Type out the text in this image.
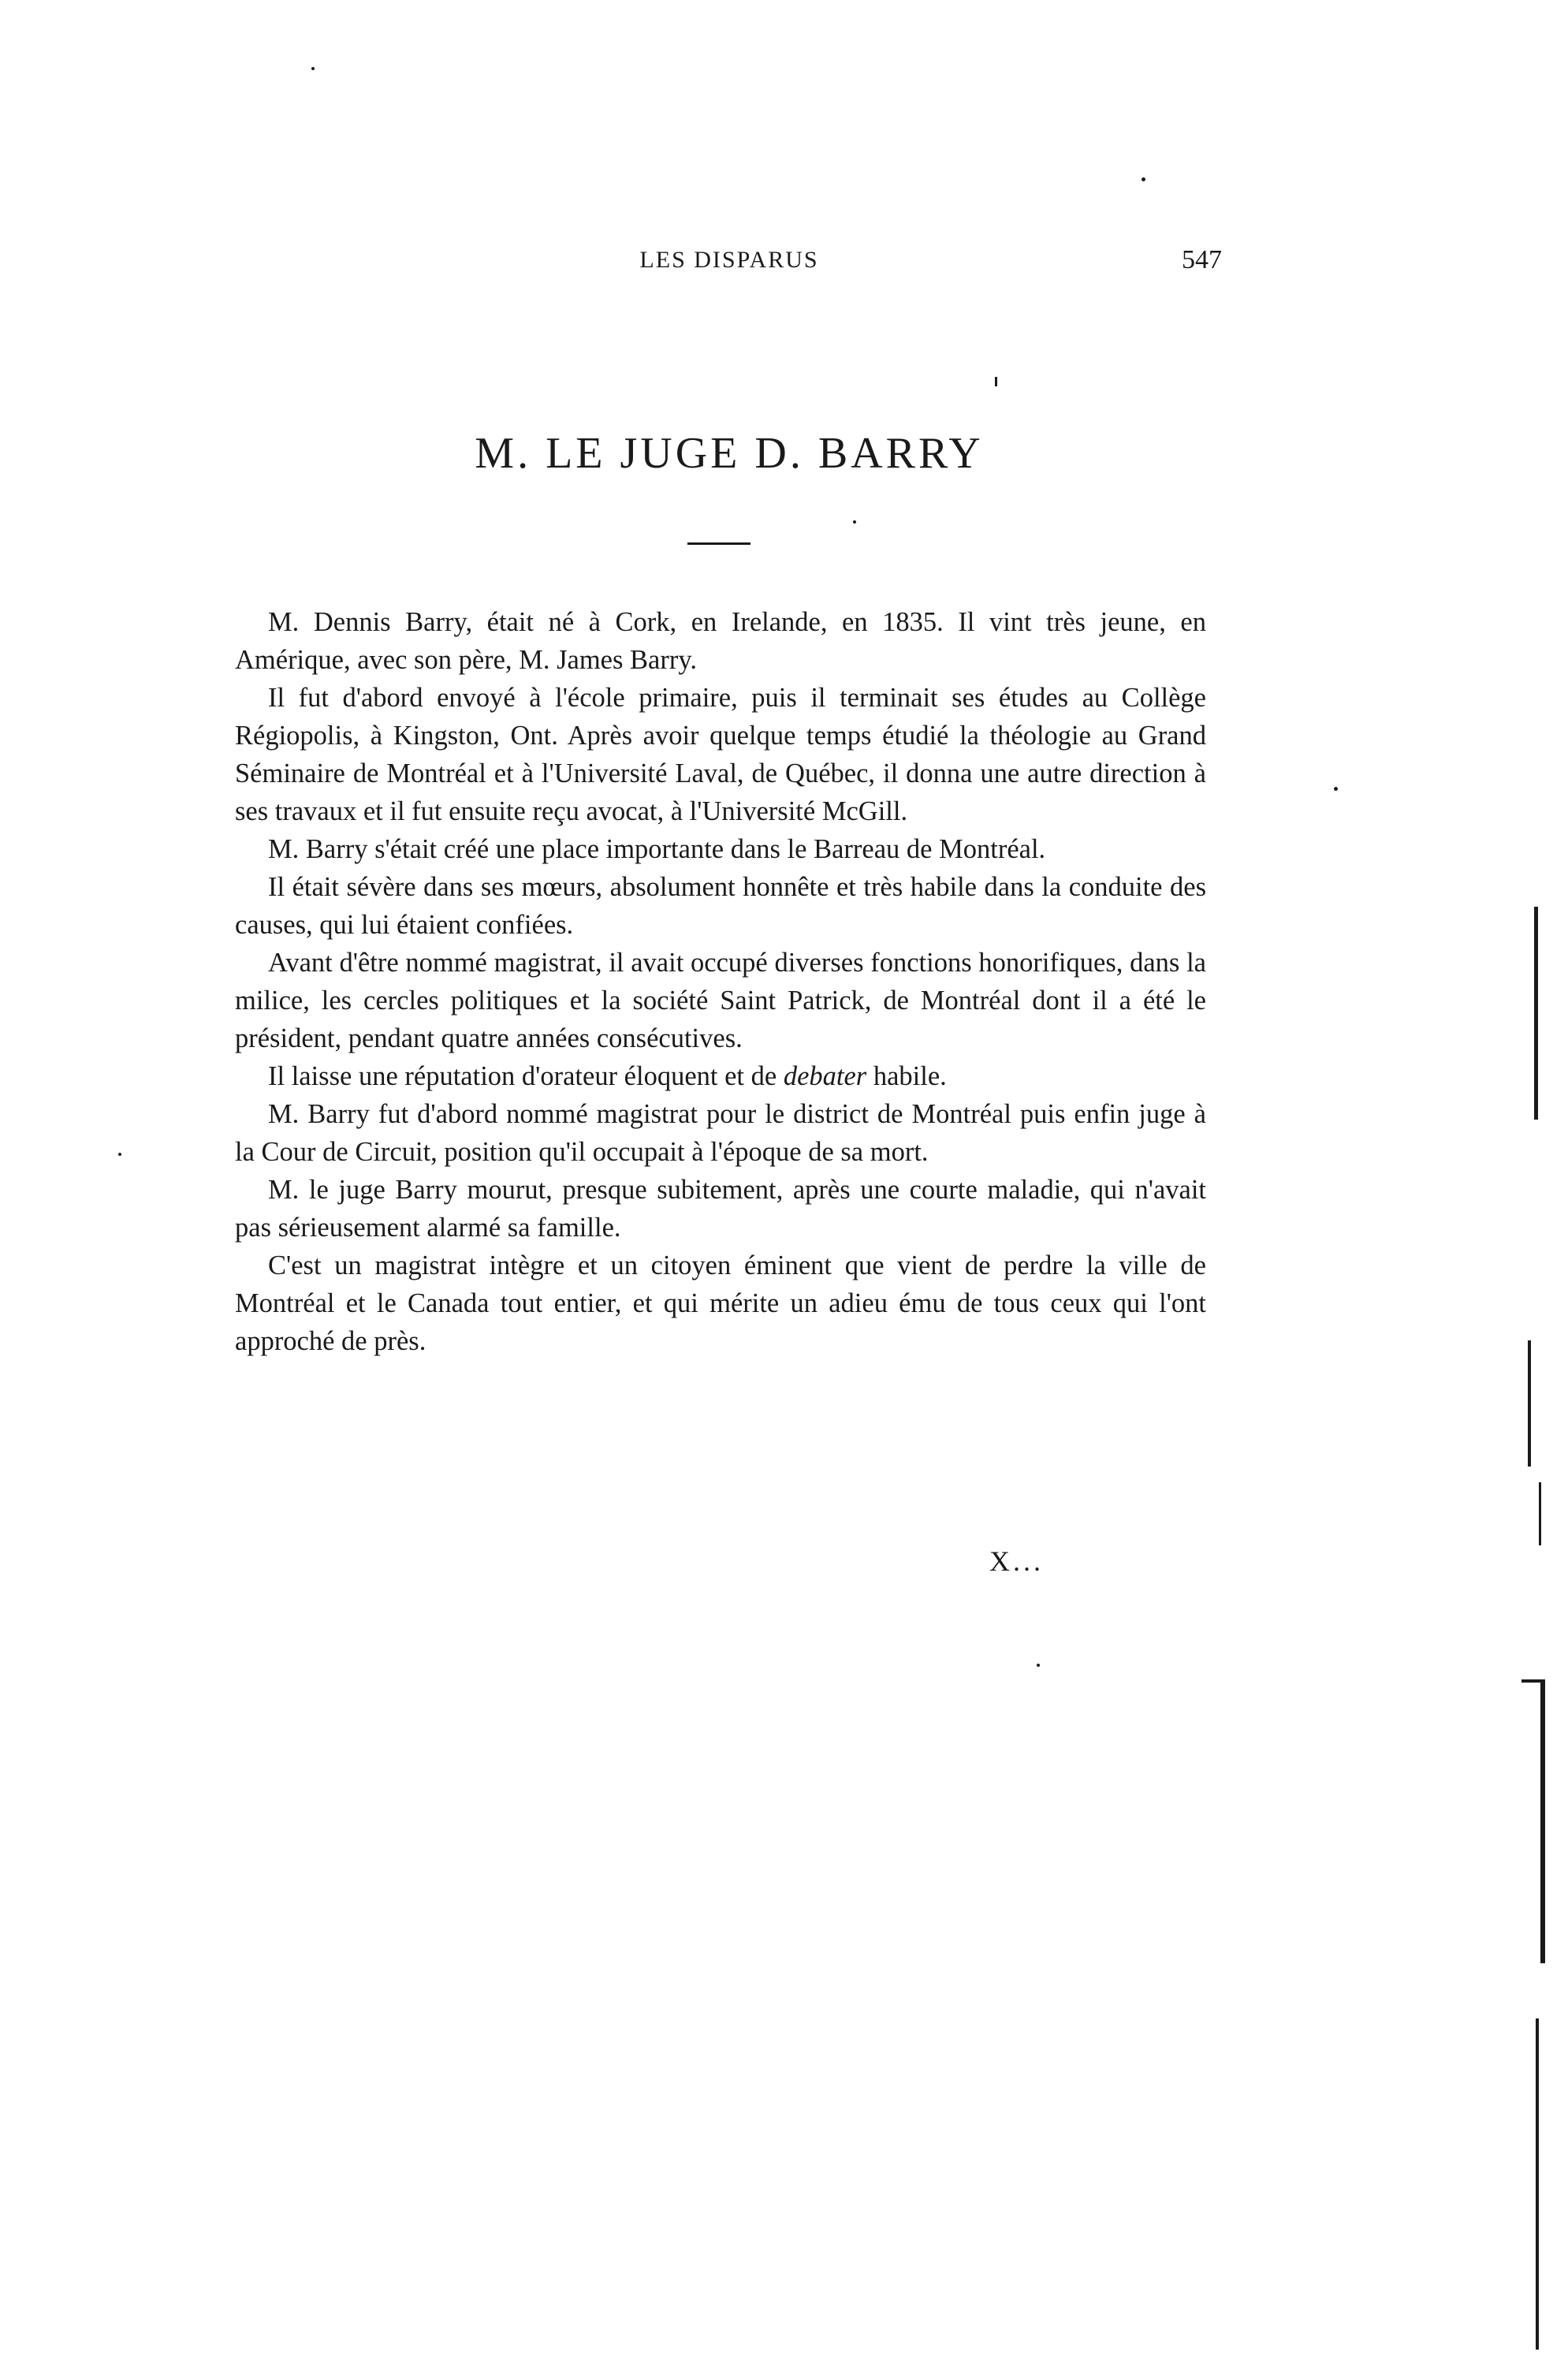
LES DISPARUS	547
M. LE JUGE D. BARRY

M. Dennis Barry, était né à Cork, en Irelande, en 1835. Il vint très jeune, en Amérique, avec son père, M. James Barry.

Il fut d'abord envoyé à l'école primaire, puis il terminait ses études au Collège Régiopolis, à Kingston, Ont. Après avoir quelque temps étudié la théologie au Grand Séminaire de Montréal et à l'Université Laval, de Québec, il donna une autre direction à ses travaux et il fut ensuite reçu avocat, à l'Université McGill.

M. Barry s'était créé une place importante dans le Barreau de Montréal.

Il était sévère dans ses mœurs, absolument honnête et très habile dans la conduite des causes, qui lui étaient confiées.

Avant d'être nommé magistrat, il avait occupé diverses fonctions honorifiques, dans la milice, les cercles politiques et la société Saint Patrick, de Montréal dont il a été le président, pendant quatre années consécutives.

Il laisse une réputation d'orateur éloquent et de debater habile.

M. Barry fut d'abord nommé magistrat pour le district de Montréal puis enfin juge à la Cour de Circuit, position qu'il occupait à l'époque de sa mort.

M. le juge Barry mourut, presque subitement, après une courte maladie, qui n'avait pas sérieusement alarmé sa famille.

C'est un magistrat intègre et un citoyen éminent que vient de perdre la ville de Montréal et le Canada tout entier, et qui mérite un adieu ému de tous ceux qui l'ont approché de près.

X...
